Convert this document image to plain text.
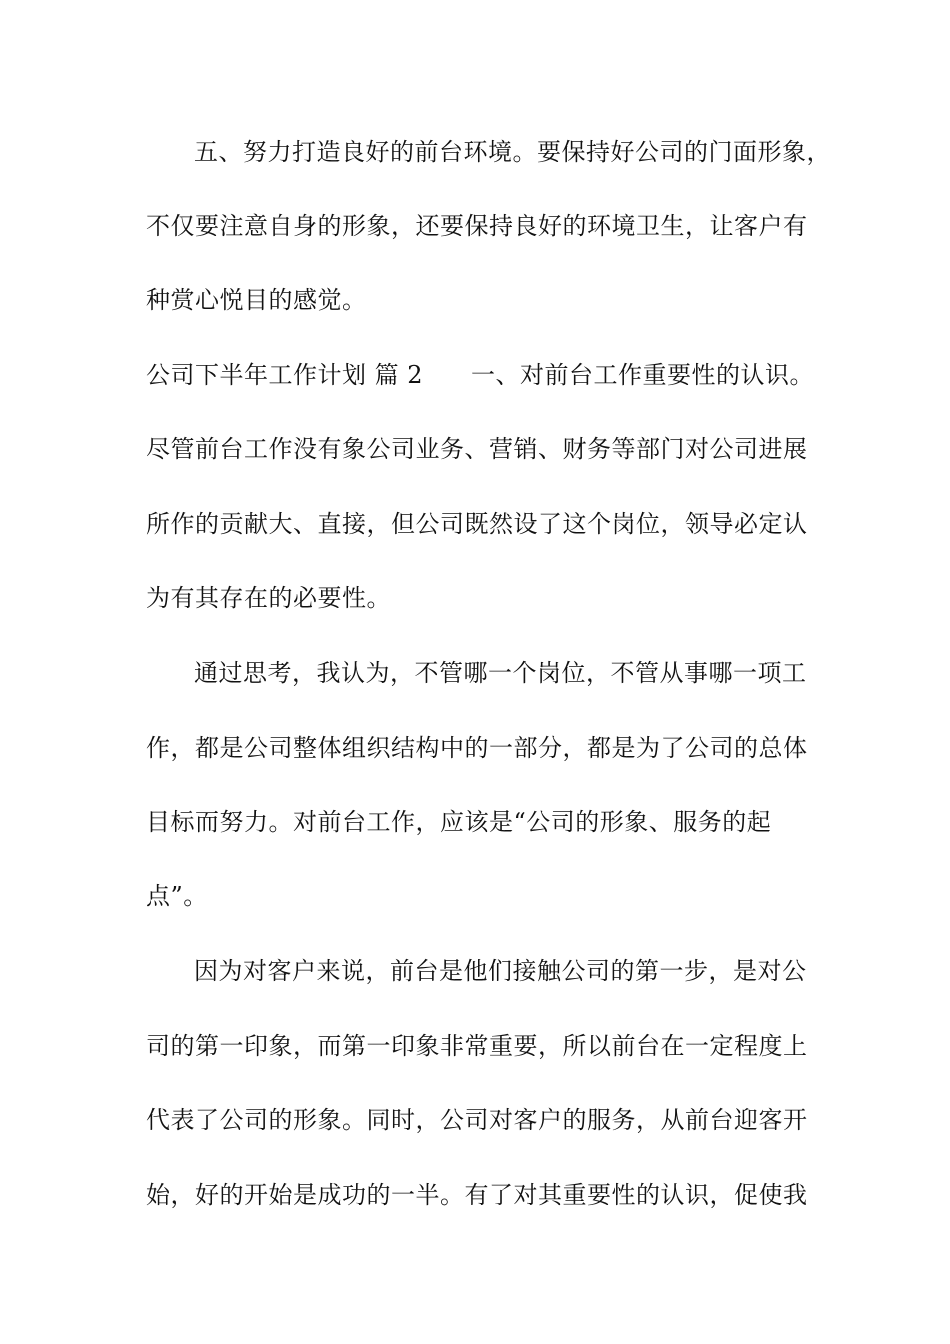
五、努力打造良好的前台环境。要保持好公司的门面形象，
不仅要注意自身的形象，还要保持良好的环境卫生，让客户有
种赏心悦目的感觉。
公司下半年工作计划 篇 2 一、对前台工作重要性的认识。
尽管前台工作没有象公司业务、营销、财务等部门对公司进展
所作的贡献大、直接，但公司既然设了这个岗位，领导必定认
为有其存在的必要性。
通过思考，我认为，不管哪一个岗位，不管从事哪一项工
作，都是公司整体组织结构中的一部分，都是为了公司的总体
目标而努力。对前台工作，应该是“公司的形象、服务的起
点”。
因为对客户来说，前台是他们接触公司的第一步，是对公
司的第一印象，而第一印象非常重要，所以前台在一定程度上
代表了公司的形象。同时，公司对客户的服务，从前台迎客开
始，好的开始是成功的一半。有了对其重要性的认识，促使我
